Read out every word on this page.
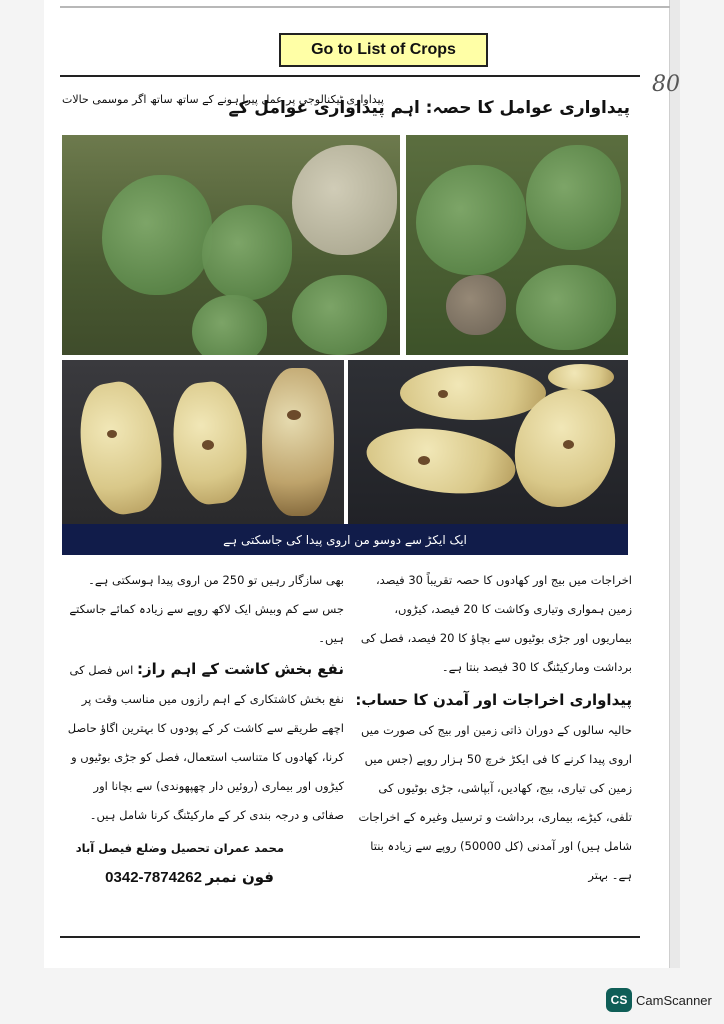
Go to List of Crops
80
پیداواری عوامل کا حصہ: اہم پیداواری عوامل کے
پیداواری ٹیکنالوجی پر عمل پیرا ہونے کے ساتھ ساتھ اگر موسمی حالات
ایک ایکڑ سے دوسو من اروی پیدا کی جاسکتی ہے

اخراجات میں بیج اور کھادوں کا حصہ تقریباً 30 فیصد، زمین ہمواری وتیاری وکاشت کا 20 فیصد، کیڑوں، بیماریوں اور جڑی بوٹیوں سے بچاؤ کا 20 فیصد، فصل کی برداشت ومارکیٹنگ کا 30 فیصد بنتا ہے۔

پیداواری اخراجات اور آمدن کا حساب: حالیہ سالوں کے دوران ذاتی زمین اور بیج کی صورت میں اروی پیدا کرنے کا فی ایکڑ خرچ 50 ہزار روپے (جس میں زمین کی تیاری، بیج، کھادیں، آبپاشی، جڑی بوٹیوں کی تلفی، کیڑے، بیماری، برداشت و ترسیل وغیرہ کے اخراجات شامل ہیں) اور آمدنی (کل 50000) روپے سے زیادہ بنتا ہے۔ بہتر

بھی سازگار رہیں تو 250 من اروی پیدا ہوسکتی ہے۔ جس سے کم وبیش ایک لاکھ روپے سے زیادہ کمائے جاسکتے ہیں۔

نفع بخش کاشت کے اہم راز: اس فصل کی نفع بخش کاشتکاری کے اہم رازوں میں مناسب وقت پر اچھے طریقے سے کاشت کر کے پودوں کا بہترین اگاؤ حاصل کرنا، کھادوں کا متناسب استعمال، فصل کو جڑی بوٹیوں و کیڑوں اور بیماری (روئیں دار چھپھوندی) سے بچانا اور صفائی و درجہ بندی کر کے مارکیٹنگ کرنا شامل ہیں۔

محمد عمران تحصیل وضلع فیصل آباد

فون نمبر 0342-7874262

CS CamScanner
